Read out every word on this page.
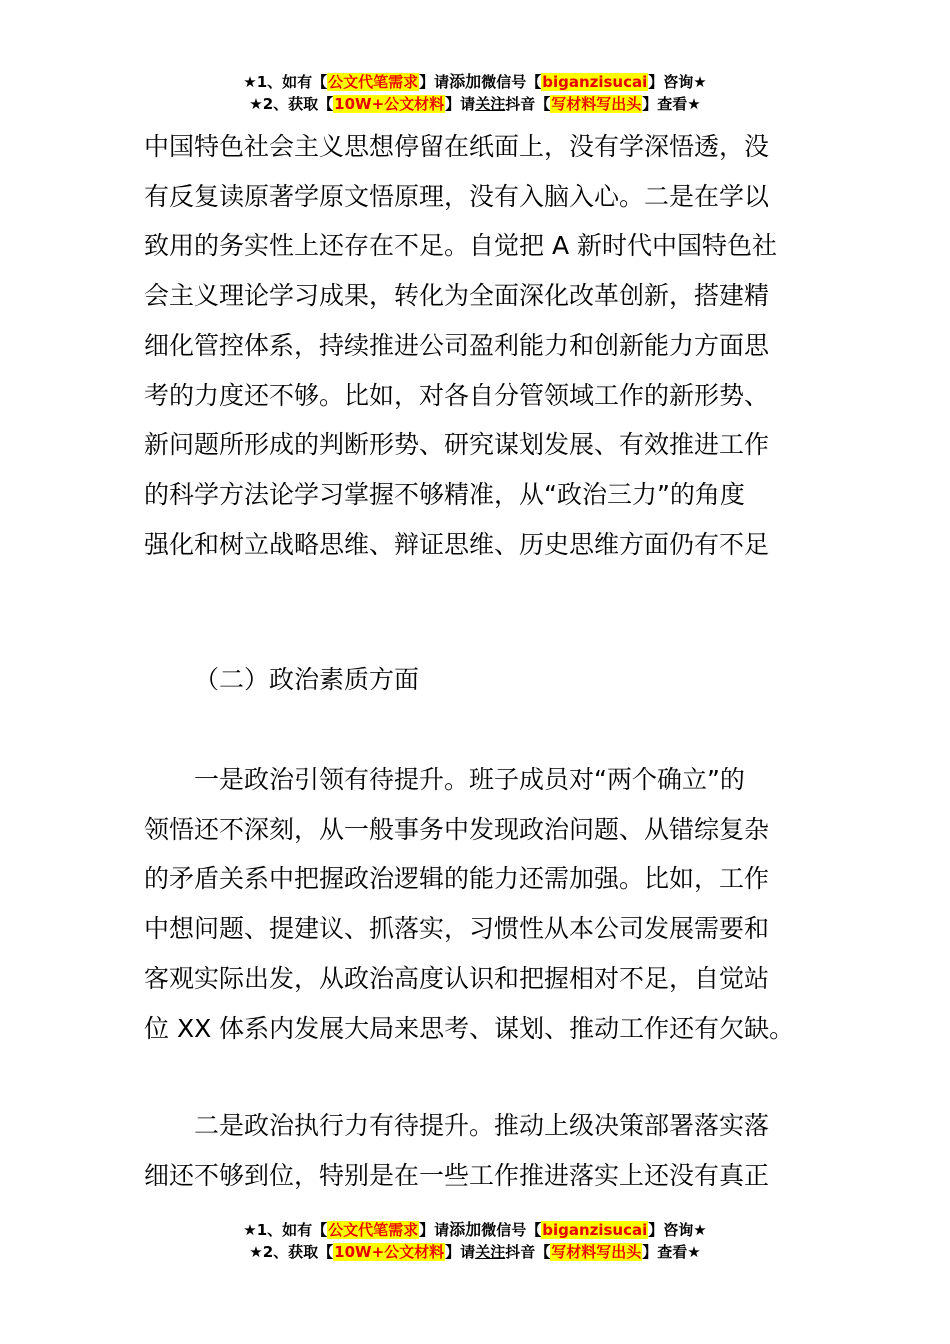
★1、如有【公文代笔需求】请添加微信号【biganzisucai】咨询★
★2、获取【10W+公文材料】请关注抖音【写材料写出头】查看★
中国特色社会主义思想停留在纸面上，没有学深悟透，没
有反复读原著学原文悟原理，没有入脑入心。二是在学以
致用的务实性上还存在不足。自觉把 A 新时代中国特色社
会主义理论学习成果，转化为全面深化改革创新，搭建精
细化管控体系，持续推进公司盈利能力和创新能力方面思
考的力度还不够。比如，对各自分管领域工作的新形势、
新问题所形成的判断形势、研究谋划发展、有效推进工作
的科学方法论学习掌握不够精准，从“政治三力”的角度
强化和树立战略思维、辩证思维、历史思维方面仍有不足
（二）政治素质方面
一是政治引领有待提升。班子成员对“两个确立”的
领悟还不深刻，从一般事务中发现政治问题、从错综复杂
的矛盾关系中把握政治逻辑的能力还需加强。比如，工作
中想问题、提建议、抓落实，习惯性从本公司发展需要和
客观实际出发，从政治高度认识和把握相对不足，自觉站
位 XX 体系内发展大局来思考、谋划、推动工作还有欠缺。
二是政治执行力有待提升。推动上级决策部署落实落
细还不够到位，特别是在一些工作推进落实上还没有真正
★1、如有【公文代笔需求】请添加微信号【biganzisucai】咨询★
★2、获取【10W+公文材料】请关注抖音【写材料写出头】查看★
